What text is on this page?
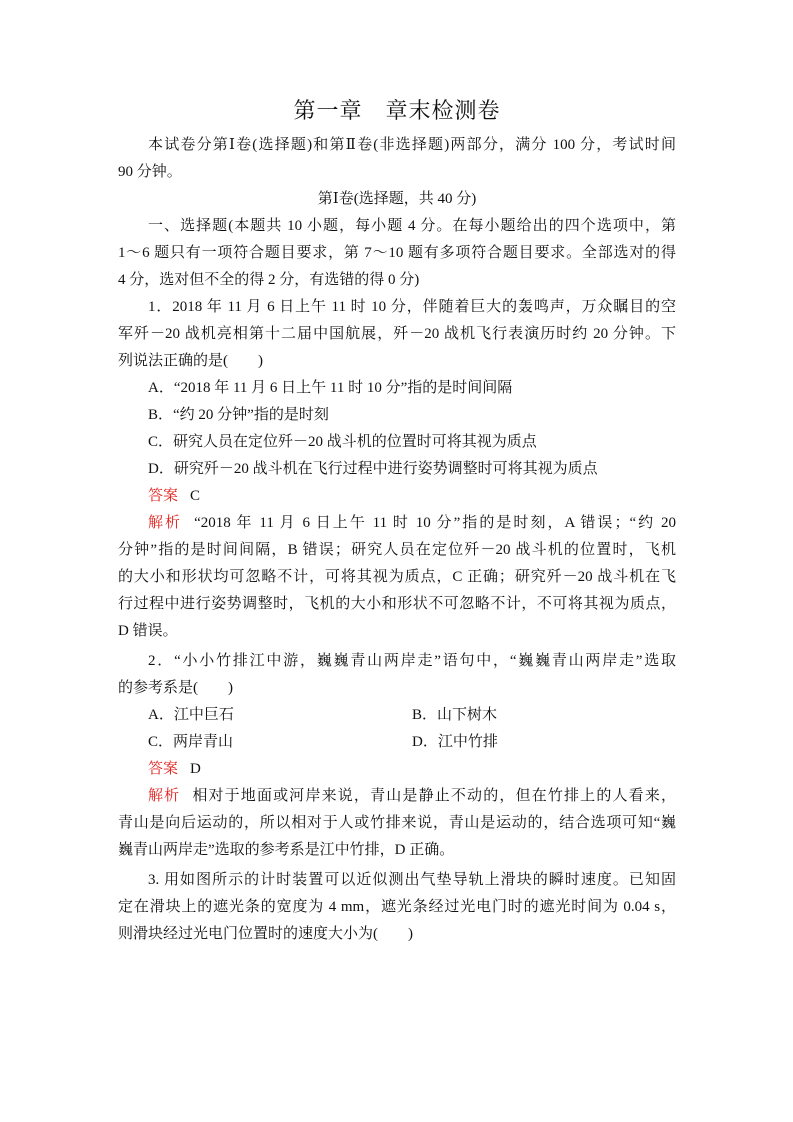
第一章　章末检测卷
本试卷分第Ⅰ卷(选择题)和第Ⅱ卷(非选择题)两部分，满分 100 分，考试时间
90 分钟。
第Ⅰ卷(选择题，共 40 分)
一、选择题(本题共 10 小题，每小题 4 分。在每小题给出的四个选项中，第
1～6 题只有一项符合题目要求，第 7～10 题有多项符合题目要求。全部选对的得
4 分，选对但不全的得 2 分，有选错的得 0 分)
1．2018 年 11 月 6 日上午 11 时 10 分，伴随着巨大的轰鸣声，万众瞩目的空
军歼－20 战机亮相第十二届中国航展，歼－20 战机飞行表演历时约 20 分钟。下
列说法正确的是(　　)
A．“2018 年 11 月 6 日上午 11 时 10 分”指的是时间间隔
B．“约 20 分钟”指的是时刻
C．研究人员在定位歼－20 战斗机的位置时可将其视为质点
D．研究歼－20 战斗机在飞行过程中进行姿势调整时可将其视为质点
答案 C
解析 “2018 年 11 月 6 日上午 11 时 10 分”指的是时刻，A 错误；“约 20
分钟”指的是时间间隔，B 错误；研究人员在定位歼－20 战斗机的位置时，飞机
的大小和形状均可忽略不计，可将其视为质点，C 正确；研究歼－20 战斗机在飞
行过程中进行姿势调整时，飞机的大小和形状不可忽略不计，不可将其视为质点，
D 错误。
2．“小小竹排江中游，巍巍青山两岸走”语句中，“巍巍青山两岸走”选取
的参考系是(　　)
A．江中巨石	B．山下树木
C．两岸青山	D．江中竹排
答案 D
解析 相对于地面或河岸来说，青山是静止不动的，但在竹排上的人看来，
青山是向后运动的，所以相对于人或竹排来说，青山是运动的，结合选项可知“巍
巍青山两岸走”选取的参考系是江中竹排，D 正确。
3. 用如图所示的计时装置可以近似测出气垫导轨上滑块的瞬时速度。已知固
定在滑块上的遮光条的宽度为 4 mm，遮光条经过光电门时的遮光时间为 0.04 s，
则滑块经过光电门位置时的速度大小为(　　)
